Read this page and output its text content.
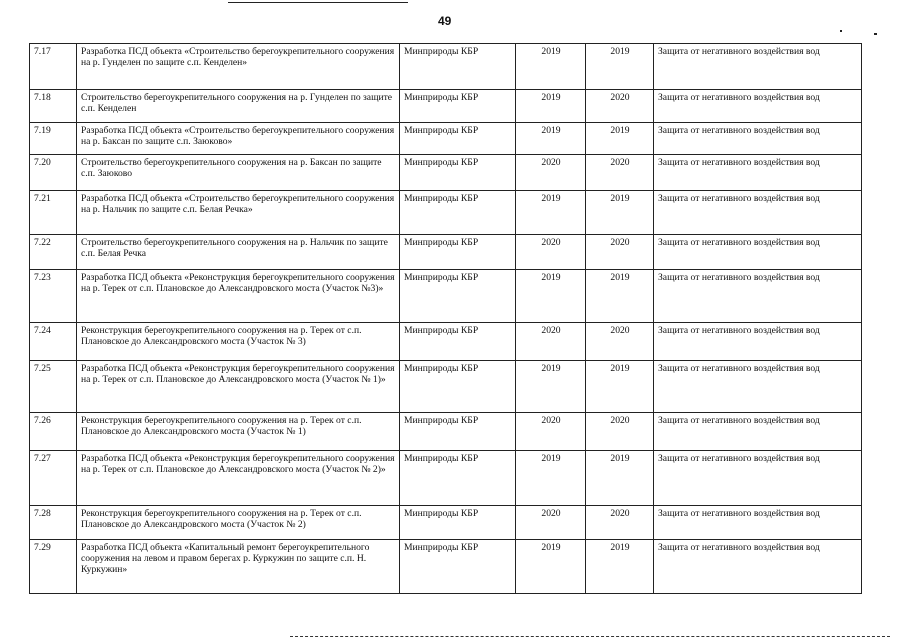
49
7.17	Разработка ПСД объекта «Строительство берегоукрепительного сооружения на р. Гунделен по защите с.п. Кенделен»	Минприроды КБР	2019	2019	Защита от негативного воздействия вод
7.18	Строительство берегоукрепительного сооружения на р. Гунделен по защите с.п. Кенделен	Минприроды КБР	2019	2020	Защита от негативного воздействия вод
7.19	Разработка ПСД объекта «Строительство берегоукрепительного сооружения на р. Баксан по защите с.п. Заюково»	Минприроды КБР	2019	2019	Защита от негативного воздействия вод
7.20	Строительство берегоукрепительного сооружения на р. Баксан по защите с.п. Заюково	Минприроды КБР	2020	2020	Защита от негативного воздействия вод
7.21	Разработка ПСД объекта «Строительство берегоукрепительного сооружения на р. Нальчик по защите с.п. Белая Речка»	Минприроды КБР	2019	2019	Защита от негативного воздействия вод
7.22	Строительство берегоукрепительного сооружения на р. Нальчик по защите с.п. Белая Речка	Минприроды КБР	2020	2020	Защита от негативного воздействия вод
7.23	Разработка ПСД объекта «Реконструкция берегоукрепительного сооружения на р. Терек от с.п. Плановское до Александровского моста (Участок №3)»	Минприроды КБР	2019	2019	Защита от негативного воздействия вод
7.24	Реконструкция берегоукрепительного сооружения на р. Терек от с.п. Плановское до Александровского моста (Участок № 3)	Минприроды КБР	2020	2020	Защита от негативного воздействия вод
7.25	Разработка ПСД объекта «Реконструкция берегоукрепительного сооружения на р. Терек от с.п. Плановское до Александровского моста (Участок № 1)»	Минприроды КБР	2019	2019	Защита от негативного воздействия вод
7.26	Реконструкция берегоукрепительного сооружения на р. Терек от с.п. Плановское до Александровского моста (Участок № 1)	Минприроды КБР	2020	2020	Защита от негативного воздействия вод
7.27	Разработка ПСД объекта «Реконструкция берегоукрепительного сооружения на р. Терек от с.п. Плановское до Александровского моста (Участок № 2)»	Минприроды КБР	2019	2019	Защита от негативного воздействия вод
7.28	Реконструкция берегоукрепительного сооружения на р. Терек от с.п. Плановское до Александровского моста (Участок № 2)	Минприроды КБР	2020	2020	Защита от негативного воздействия вод
7.29	Разработка ПСД объекта «Капитальный ремонт берегоукрепительного сооружения на левом и правом берегах р. Куркужин по защите с.п. Н. Куркужин»	Минприроды КБР	2019	2019	Защита от негативного воздействия вод
